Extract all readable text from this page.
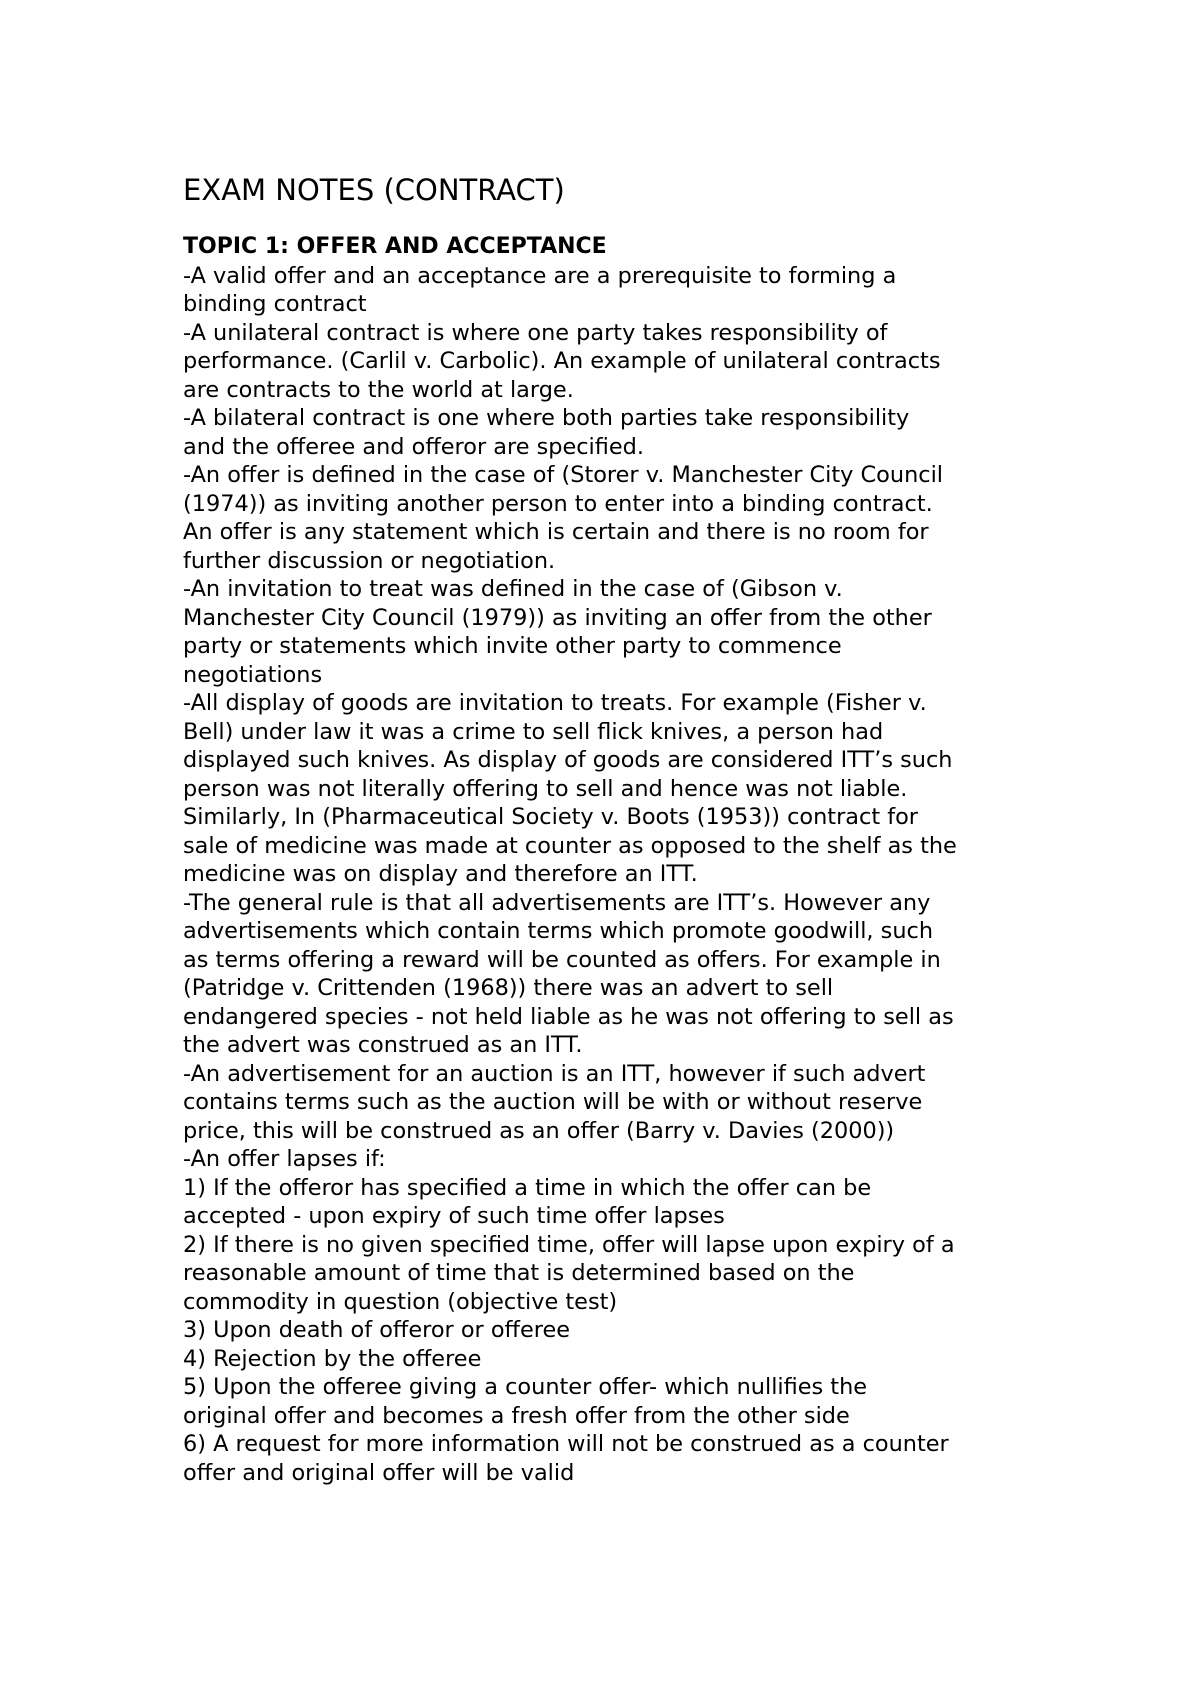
EXAM NOTES (CONTRACT)
TOPIC 1: OFFER AND ACCEPTANCE

-A valid offer and an acceptance are a prerequisite to forming a

binding contract

-A unilateral contract is where one party takes responsibility of

performance. (Carlil v. Carbolic). An example of unilateral contracts

are contracts to the world at large.

-A bilateral contract is one where both parties take responsibility

and the offeree and offeror are specified.

-An offer is defined in the case of (Storer v. Manchester City Council

(1974)) as inviting another person to enter into a binding contract.

An offer is any statement which is certain and there is no room for

further discussion or negotiation.

-An invitation to treat was defined in the case of (Gibson v.

Manchester City Council (1979)) as inviting an offer from the other

party or statements which invite other party to commence

negotiations

-All display of goods are invitation to treats. For example (Fisher v.

Bell) under law it was a crime to sell flick knives, a person had

displayed such knives. As display of goods are considered ITT’s such

person was not literally offering to sell and hence was not liable.

Similarly, In (Pharmaceutical Society v. Boots (1953)) contract for

sale of medicine was made at counter as opposed to the shelf as the

medicine was on display and therefore an ITT.

-The general rule is that all advertisements are ITT’s. However any

advertisements which contain terms which promote goodwill, such

as terms offering a reward will be counted as offers. For example in

(Patridge v. Crittenden (1968)) there was an advert to sell

endangered species - not held liable as he was not offering to sell as

the advert was construed as an ITT.

-An advertisement for an auction is an ITT, however if such advert

contains terms such as the auction will be with or without reserve

price, this will be construed as an offer (Barry v. Davies (2000))

-An offer lapses if:

1) If the offeror has specified a time in which the offer can be

accepted - upon expiry of such time offer lapses

2) If there is no given specified time, offer will lapse upon expiry of a

reasonable amount of time that is determined based on the

commodity in question (objective test)

3) Upon death of offeror or offeree

4) Rejection by the offeree

5) Upon the offeree giving a counter offer- which nullifies the

original offer and becomes a fresh offer from the other side

6) A request for more information will not be construed as a counter

offer and original offer will be valid
